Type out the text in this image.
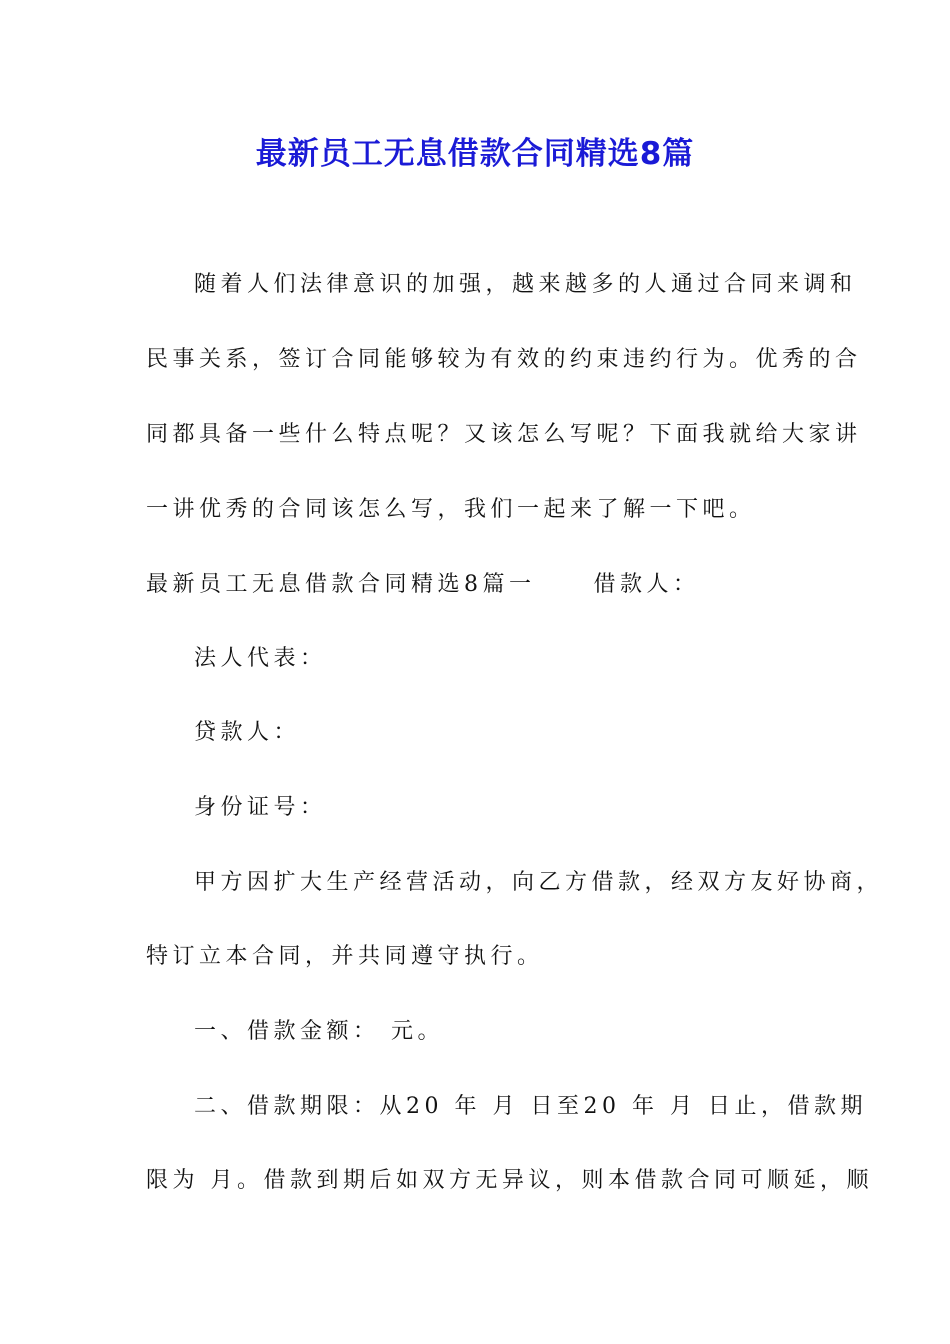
最新员工无息借款合同精选8篇
随着人们法律意识的加强，越来越多的人通过合同来调和
民事关系，签订合同能够较为有效的约束违约行为。优秀的合
同都具备一些什么特点呢？又该怎么写呢？下面我就给大家讲
一讲优秀的合同该怎么写，我们一起来了解一下吧。
最新员工无息借款合同精选8篇一	借款人：
法人代表：
贷款人：
身份证号：
甲方因扩大生产经营活动，向乙方借款，经双方友好协商，
特订立本合同，并共同遵守执行。
一、借款金额： 元。
二、借款期限：从20 年 月 日至20 年 月 日止，借款期
限为 月。借款到期后如双方无异议，则本借款合同可顺延，顺
